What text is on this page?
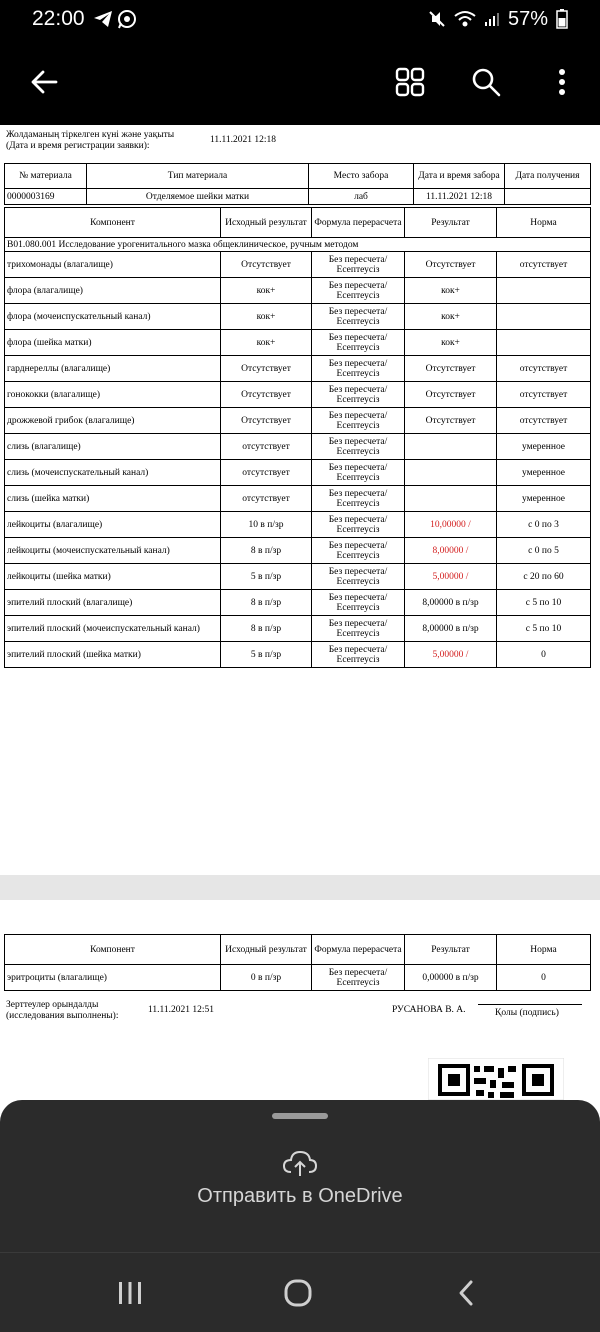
22:00	57%
Жолдаманың тіркелген күні және уақыты
(Дата и время регистрации заявки):
11.11.2021 12:18
№ материала	Тип материала	Место забора	Дата и время забора	Дата получения
0000003169	Отделяемое шейки матки	лаб	11.11.2021 12:18	
Компонент	Исходный результат	Формула перерасчета	Результат	Норма
В01.080.001 Исследование урогенитального мазка общеклиническое, ручным методом				
трихомонады (влагалище)	Отсутствует	Без пересчета/ Есептеусіз	Отсутствует	отсутствует
флора (влагалище)	кок+	Без пересчета/ Есептеусіз	кок+	
флора (мочеиспускательный канал)	кок+	Без пересчета/ Есептеусіз	кок+	
флора (шейка матки)	кок+	Без пересчета/ Есептеусіз	кок+	
гарднереллы (влагалище)	Отсутствует	Без пересчета/ Есептеусіз	Отсутствует	отсутствует
гонококки (влагалище)	Отсутствует	Без пересчета/ Есептеусіз	Отсутствует	отсутствует
дрожжевой грибок (влагалище)	Отсутствует	Без пересчета/ Есептеусіз	Отсутствует	отсутствует
слизь (влагалище)	отсутствует	Без пересчета/ Есептеусіз		умеренное
слизь (мочеиспускательный канал)	отсутствует	Без пересчета/ Есептеусіз		умеренное
слизь (шейка матки)	отсутствует	Без пересчета/ Есептеусіз		умеренное
лейкоциты (влагалище)	10 в п/зр	Без пересчета/ Есептеусіз	10,00000 /	с 0 по 3
лейкоциты (мочеиспускательный канал)	8 в п/зр	Без пересчета/ Есептеусіз	8,00000 /	с 0 по 5
лейкоциты (шейка матки)	5 в п/зр	Без пересчета/ Есептеусіз	5,00000 /	с 20 по 60
эпителий плоский (влагалище)	8 в п/зр	Без пересчета/ Есептеусіз	8,00000 в п/зр	с 5 по 10
эпителий плоский (мочеиспускательный канал)	8 в п/зр	Без пересчета/ Есептеусіз	8,00000 в п/зр	с 5 по 10
эпителий плоский (шейка матки)	5 в п/зр	Без пересчета/ Есептеусіз	5,00000 /	0
Компонент	Исходный результат	Формула перерасчета	Результат	Норма
эритроциты (влагалище)	0 в п/зр	Без пересчета/ Есептеусіз	0,00000 в п/зр	0
Зерттеулер орындалды
(исследования выполнены):
11.11.2021 12:51	РУСАНОВА В. А.	Қолы (подпись)
Отправить в OneDrive
